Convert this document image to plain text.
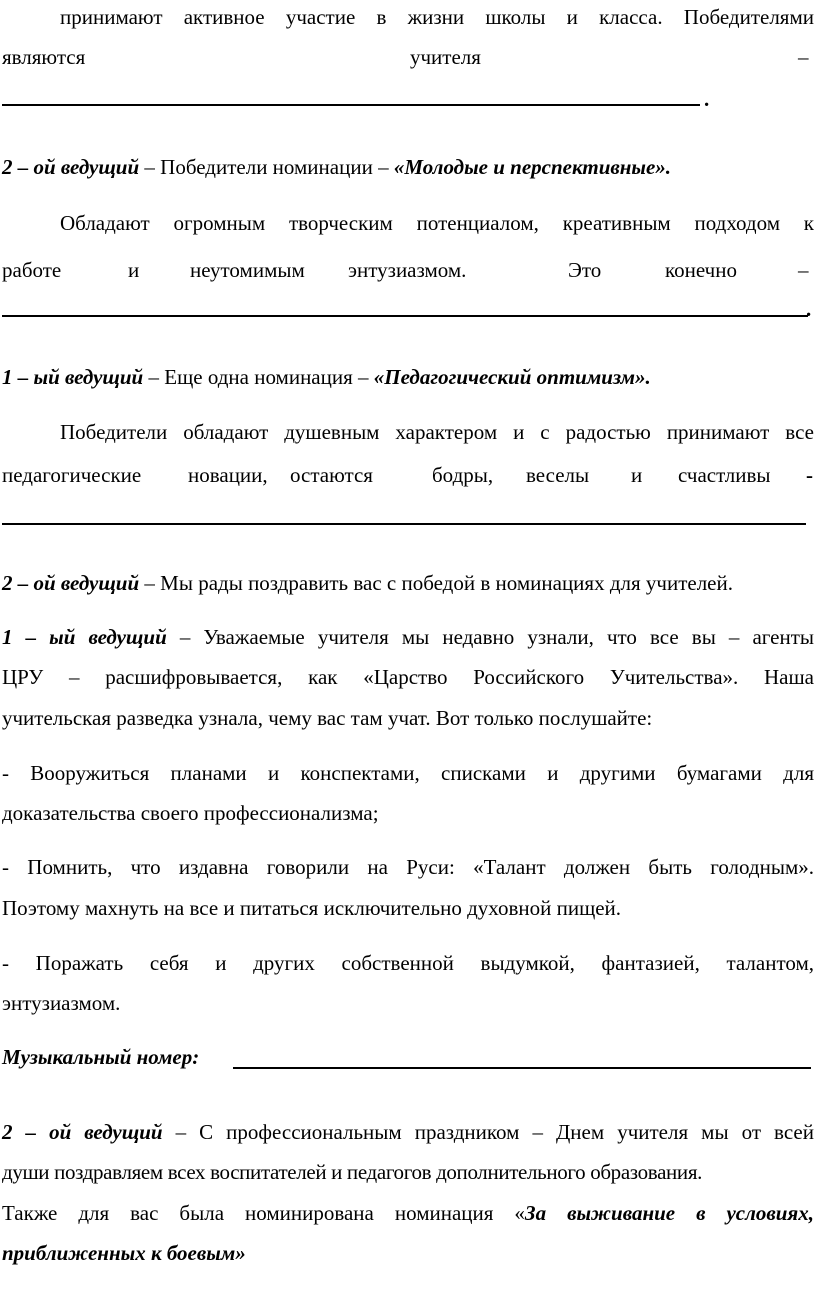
принимают активное участие в жизни школы и класса. Победителями
являются	учителя	–
.
2 – ой ведущий – Победители номинации – «Молодые и перспективные».
Обладают огромным творческим потенциалом, креативным подходом к
работе	и неутомимым энтузиазмом.	Это	конечно	–
.
1 – ый ведущий – Еще одна номинация – «Педагогический оптимизм».
Победители обладают душевным характером и с радостью принимают все
педагогические новации, остаются	бодры, веселы и счастливы -
2 – ой ведущий – Мы рады поздравить вас с победой в номинациях для учителей.
1 – ый ведущий – Уважаемые учителя мы недавно узнали, что все вы – агенты
ЦРУ – расшифровывается, как «Царство Российского Учительства». Наша
учительская разведка узнала, чему вас там учат. Вот только послушайте:
- Вооружиться планами и конспектами, списками и другими бумагами для
доказательства своего профессионализма;
- Помнить, что издавна говорили на Руси: «Талант должен быть голодным».
Поэтому махнуть на все и питаться исключительно духовной пищей.
- Поражать себя и других собственной выдумкой, фантазией, талантом,
энтузиазмом.
Музыкальный номер:
2 – ой ведущий – С профессиональным праздником – Днем учителя мы от всей
души поздравляем всех воспитателей и педагогов дополнительного образования.
Также для вас была номинирована номинация «За выживание в условиях,
приближенных к боевым»
